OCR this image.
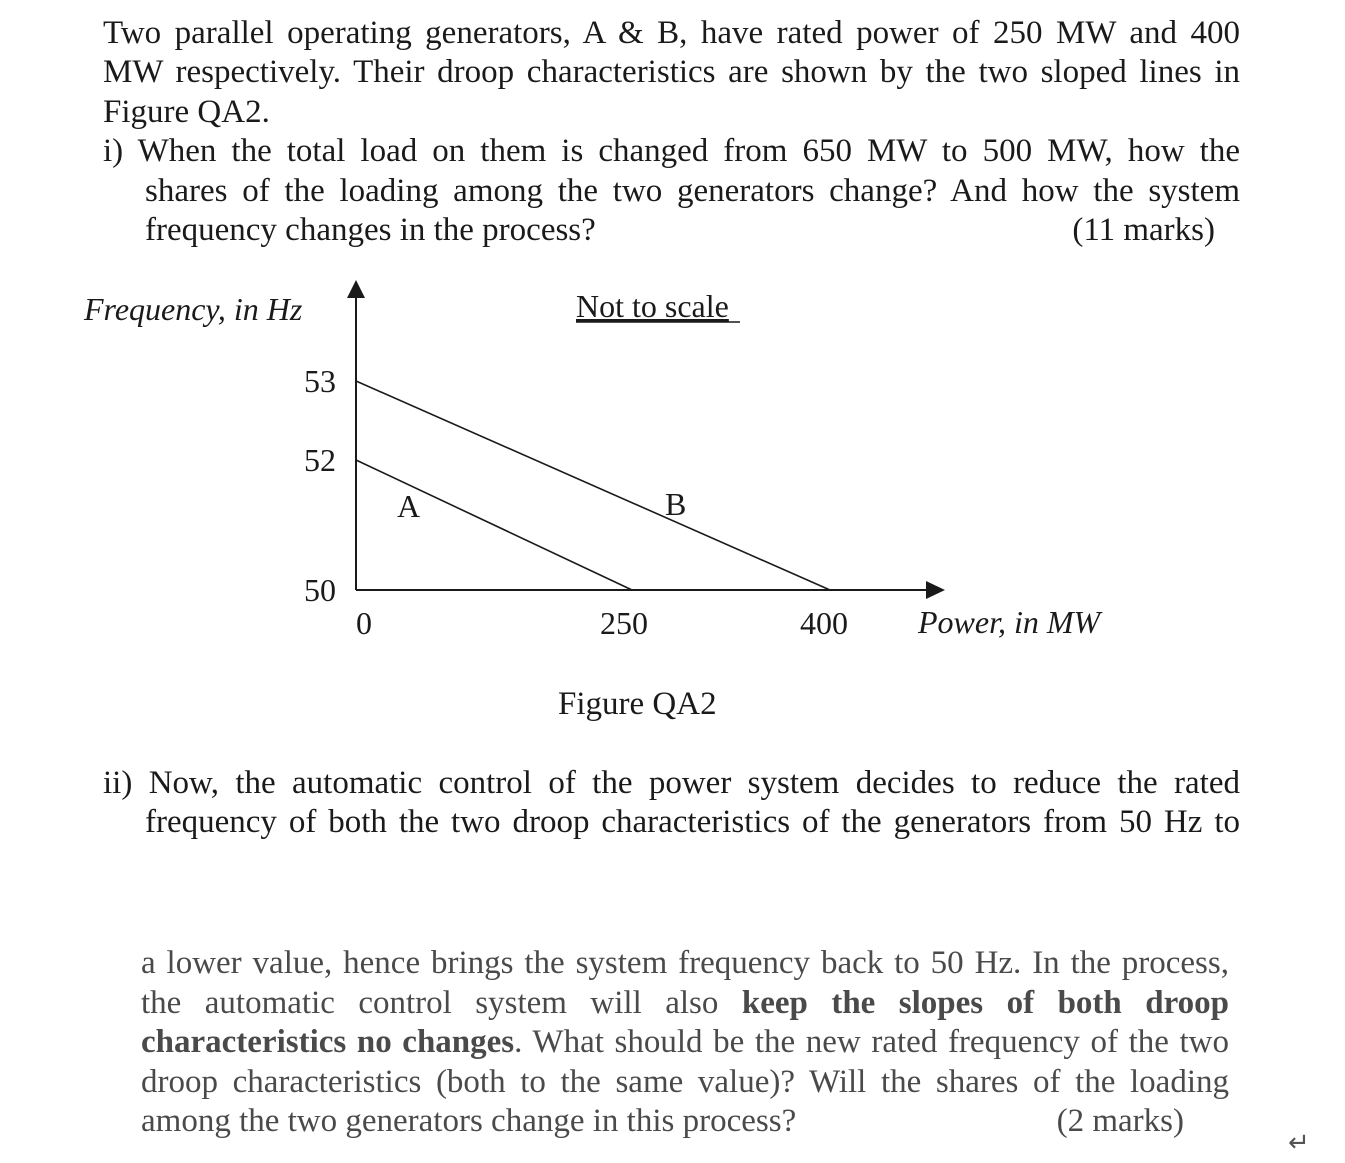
Two parallel operating generators, A & B, have rated power of 250 MW and 400
MW respectively. Their droop characteristics are shown by the two sloped lines in
Figure QA2.
i) When the total load on them is changed from 650 MW to 500 MW, how the
shares of the loading among the two generators change? And how the system
frequency changes in the process?	(11 marks)
A	B
50
52
53
0	250	400
Frequency, in Hz
Power, in MW
Not to scale
Figure QA2
ii) Now, the automatic control of the power system decides to reduce the rated
frequency of both the two droop characteristics of the generators from 50 Hz to
a lower value, hence brings the system frequency back to 50 Hz. In the process,
the automatic control system will also keep the slopes of both droop
characteristics no changes. What should be the new rated frequency of the two
droop characteristics (both to the same value)? Will the shares of the loading
among the two generators change in this process?	(2 marks)
↵
